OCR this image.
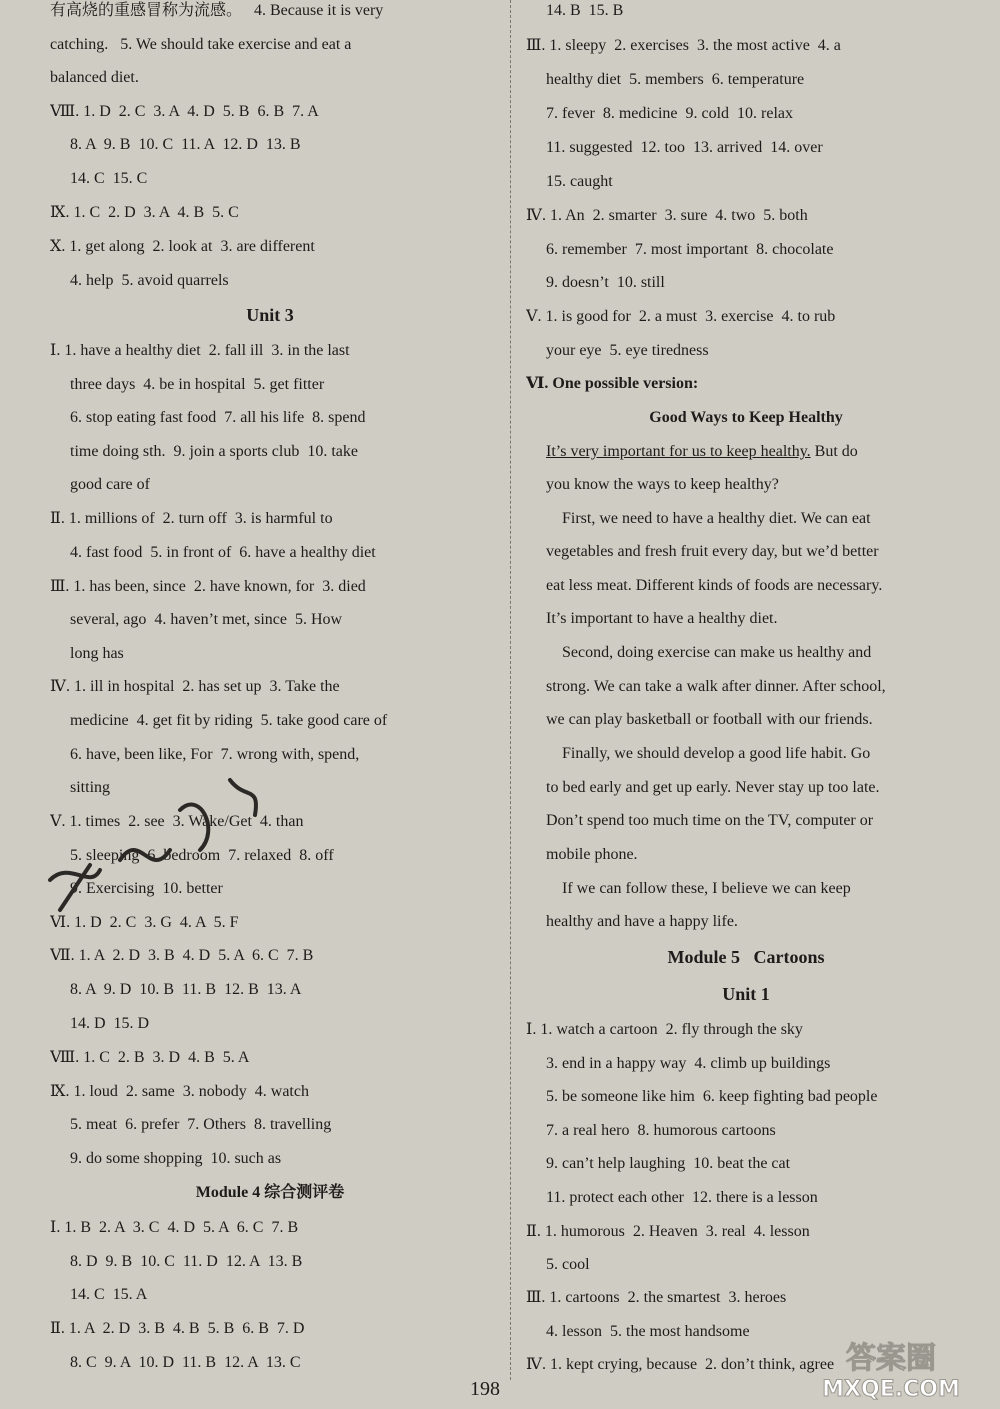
有高烧的重感冒称为流感。   4. Because it is very
catching.   5. We should take exercise and eat a
balanced diet.
Ⅷ. 1. D  2. C  3. A  4. D  5. B  6. B  7. A
8. A  9. B  10. C  11. A  12. D  13. B
14. C  15. C
Ⅸ. 1. C  2. D  3. A  4. B  5. C
Ⅹ. 1. get along  2. look at  3. are different
4. help  5. avoid quarrels
Unit 3
Ⅰ. 1. have a healthy diet  2. fall ill  3. in the last
three days  4. be in hospital  5. get fitter
6. stop eating fast food  7. all his life  8. spend
time doing sth.  9. join a sports club  10. take
good care of
Ⅱ. 1. millions of  2. turn off  3. is harmful to
4. fast food  5. in front of  6. have a healthy diet
Ⅲ. 1. has been, since  2. have known, for  3. died
several, ago  4. haven’t met, since  5. How
long has
Ⅳ. 1. ill in hospital  2. has set up  3. Take the
medicine  4. get fit by riding  5. take good care of
6. have, been like, For  7. wrong with, spend,
sitting
Ⅴ. 1. times  2. see  3. Wake/Get  4. than
5. sleeping  6. bedroom  7. relaxed  8. off
9. Exercising  10. better
Ⅵ. 1. D  2. C  3. G  4. A  5. F
Ⅶ. 1. A  2. D  3. B  4. D  5. A  6. C  7. B
8. A  9. D  10. B  11. B  12. B  13. A
14. D  15. D
Ⅷ. 1. C  2. B  3. D  4. B  5. A
Ⅸ. 1. loud  2. same  3. nobody  4. watch
5. meat  6. prefer  7. Others  8. travelling
9. do some shopping  10. such as
Module 4 综合测评卷
Ⅰ. 1. B  2. A  3. C  4. D  5. A  6. C  7. B
8. D  9. B  10. C  11. D  12. A  13. B
14. C  15. A
Ⅱ. 1. A  2. D  3. B  4. B  5. B  6. B  7. D
8. C  9. A  10. D  11. B  12. A  13. C
14. B  15. B
Ⅲ. 1. sleepy  2. exercises  3. the most active  4. a
healthy diet  5. members  6. temperature
7. fever  8. medicine  9. cold  10. relax
11. suggested  12. too  13. arrived  14. over
15. caught
Ⅳ. 1. An  2. smarter  3. sure  4. two  5. both
6. remember  7. most important  8. chocolate
9. doesn’t  10. still
Ⅴ. 1. is good for  2. a must  3. exercise  4. to rub
your eye  5. eye tiredness
Ⅵ. One possible version:
Good Ways to Keep Healthy
It’s very important for us to keep healthy. But do
you know the ways to keep healthy?
First, we need to have a healthy diet. We can eat
vegetables and fresh fruit every day, but we’d better
eat less meat. Different kinds of foods are necessary.
It’s important to have a healthy diet.
Second, doing exercise can make us healthy and
strong. We can take a walk after dinner. After school,
we can play basketball or football with our friends.
Finally, we should develop a good life habit. Go
to bed early and get up early. Never stay up too late.
Don’t spend too much time on the TV, computer or
mobile phone.
If we can follow these, I believe we can keep
healthy and have a happy life.
Module 5   Cartoons
Unit 1
Ⅰ. 1. watch a cartoon  2. fly through the sky
3. end in a happy way  4. climb up buildings
5. be someone like him  6. keep fighting bad people
7. a real hero  8. humorous cartoons
9. can’t help laughing  10. beat the cat
11. protect each other  12. there is a lesson
Ⅱ. 1. humorous  2. Heaven  3. real  4. lesson
5. cool
Ⅲ. 1. cartoons  2. the smartest  3. heroes
4. lesson  5. the most handsome
Ⅳ. 1. kept crying, because  2. don’t think, agree
198
答案圈
MXQE.COM
